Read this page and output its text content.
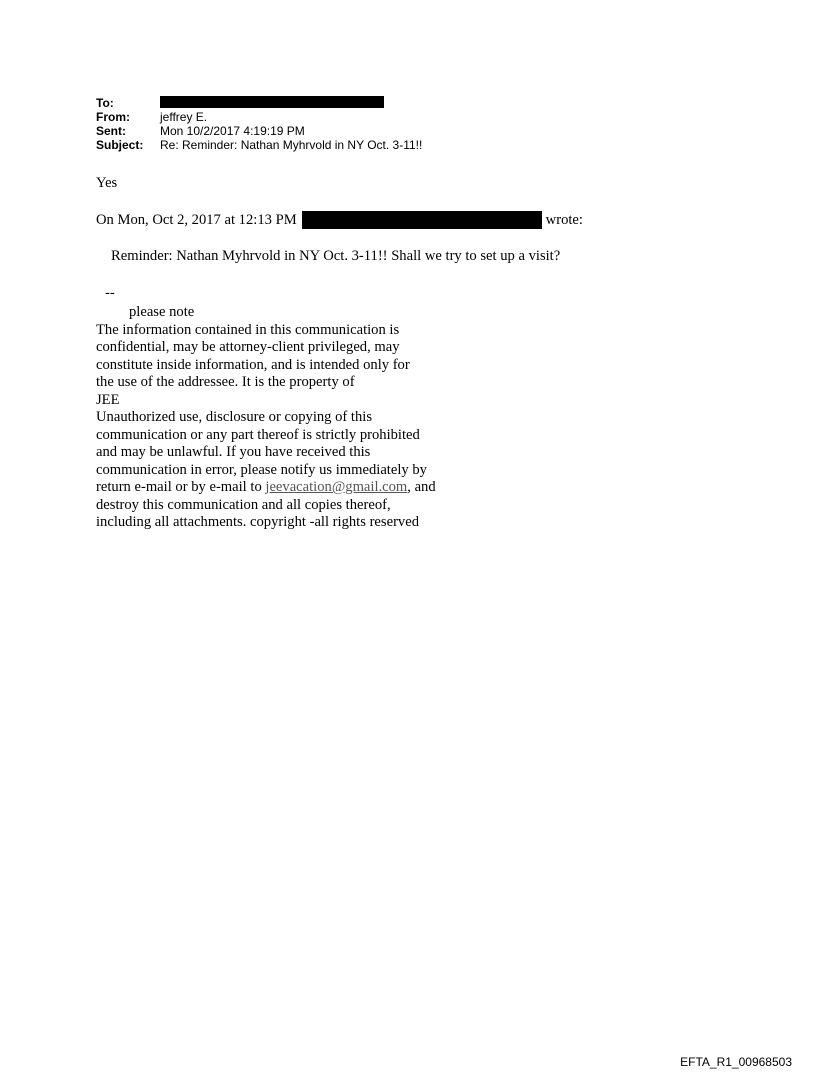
To:
From:	jeffrey E.
Sent:	Mon 10/2/2017 4:19:19 PM
Subject:	Re: Reminder: Nathan Myhrvold in NY Oct. 3-11!!
Yes
On Mon, Oct 2, 2017 at 12:13 PM	wrote:
Reminder: Nathan Myhrvold in NY Oct. 3-11!! Shall we try to set up a visit?
--
please note
The information contained in this communication is
confidential, may be attorney-client privileged, may
constitute inside information, and is intended only for
the use of the addressee. It is the property of
JEE
Unauthorized use, disclosure or copying of this
communication or any part thereof is strictly prohibited
and may be unlawful. If you have received this
communication in error, please notify us immediately by
return e-mail or by e-mail to jeevacation@gmail.com, and
destroy this communication and all copies thereof,
including all attachments. copyright -all rights reserved
EFTA_R1_00968503
